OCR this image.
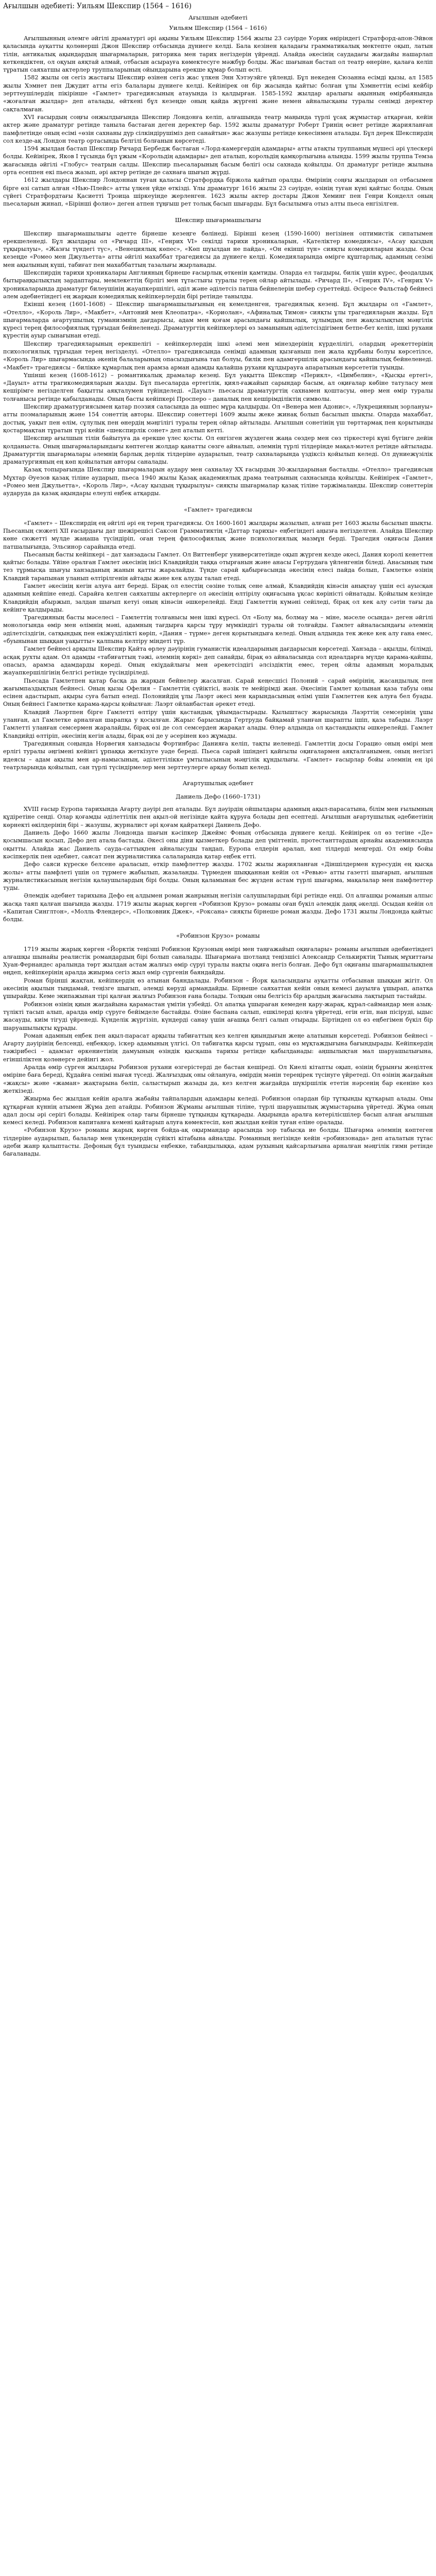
Ағылшын әдебиеті: Уильям Шекспир (1564 – 1616)
Ағылшын әдебиеті
Уильям Шекспир (1564 – 1616)

Ағылшынның әлемге әйгілі драматургі әрі ақыны Уильям Шекспир 1564 жылы 23 сәуірде Уорик өңіріндегі Стратфорд-апон-Эйвон қаласында ауқатты қолөнерші Джон Шекспир отбасында дүниеге келді. Бала кезінен қаладағы грамматикалық мектепте оқып, латын тілін, антикалық ақындардың шығармаларын, риторика мен тарих негіздерін үйренді. Алайда әкесінің саудадағы жағдайы нашарлап кеткендіктен, ол оқуын аяқтай алмай, отбасын асырауға көмектесуге мәжбүр болды. Жас шағынан бастап ол театр өнеріне, қалаға келіп тұратын саяхатшы актерлер труппаларының ойындарына ерекше құмар болып өсті.

1582 жылы он сегіз жастағы Шекспир өзінен сегіз жас үлкен Энн Хэтэуэйге үйленді. Бұл некеден Сюзанна есімді қызы, ал 1585 жылы Хэмнет пен Джудит атты егіз балалары дүниеге келді. Кейінірек он бір жасында қайтыс болған ұлы Хэмнеттің есімі кейбір зерттеушілердің пікірінше «Гамлет» трагедиясының атауында із қалдырған. 1585-1592 жылдар аралығы ақынның өмірбаянында «жоғалған жылдар» деп аталады, өйткені бұл кезеңде оның қайда жүргені және немен айналысқаны туралы сенімді деректер сақталмаған.

XVI ғасырдың соңғы онжылдығында Шекспир Лондонға келіп, алғашында театр маңында түрлі ұсақ жұмыстар атқарған, кейін актер және драматург ретінде таныла бастаған деген деректер бар. 1592 жылы драматург Роберт Гринің өсиет ретінде жарияланған памфлетінде оның есімі «өзін сахнаны дүр сілкіндірушіміз деп санайтын» жас жазушы ретінде кекесінмен аталады. Бұл дерек Шекспирдің сол кезде-ақ Лондон театр ортасында белгілі болғанын көрсетеді.

1594 жылдан бастап Шекспир Ричард Бербедж бастаған «Лорд-камергердің адамдары» атты атақты труппаның мүшесі әрі үлескері болды. Кейінірек, Яков I тұсында бұл ұжым «Корольдің адамдары» деп аталып, корольдің қамқорлығына алынды. 1599 жылы труппа Темза жағасында әйгілі «Глобус» театрын салды. Шекспир пьесаларының басым бөлігі осы сахнада қойылды. Ол драматург ретінде жылына орта есеппен екі пьеса жазып, әрі актер ретінде де сахнаға шығып жүрді.

1612 жылдары Шекспир Лондоннан туған қаласы Стратфордқа біржола қайтып оралды. Өмірінің соңғы жылдарын ол отбасымен бірге өзі сатып алған «Нью-Плейс» атты үлкен үйде өткізді. Ұлы драматург 1616 жылы 23 сәуірде, өзінің туған күні қайтыс болды. Оның сүйегі Стратфордтағы Қасиетті Троица шіркеуінде жерленген. 1623 жылы актер достары Джон Хеминг пен Генри Конделл оның пьесаларын жинап, «Бірінші фолио» деген атпен тұңғыш рет толық басып шығарды. Бұл басылымға отыз алты пьеса енгізілген.

Шекспир шығармашылығы

Шекспир шығармашылығы әдетте бірнеше кезеңге бөлінеді. Бірінші кезең (1590-1600) негізінен оптимистік сипатымен ерекшеленеді. Бұл жылдары ол «Ричард III», «Генрих VI» секілді тарихи хроникаларын, «Қателіктер комедиясы», «Асау қыздың тұқырылуы», «Жазғы түндегі түс», «Венециялық көпес», «Көп шуылдан не пайда», «Он екінші түн» сияқты комедияларын жазды. Осы кезеңде «Ромео мен Джульетта» атты әйгілі махаббат трагедиясы да дүниеге келді. Комедияларында өмірге құштарлық, адамның сезімі мен ақылының күші, табиғат пен махаббаттың тазалығы жырланады.

Шекспирдің тарихи хроникалары Англияның бірнеше ғасырлық өткенін қамтиды. Оларда ел тағдыры, билік үшін күрес, феодалдық бытыраңқылықтың зардаптары, мемлекеттің бірлігі мен тұтастығы туралы терең ойлар айтылады. «Ричард II», «Генрих IV», «Генрих V» хроникаларында драматург билеушінің жауапкершілігі, әділ және әділетсіз патша бейнелерін шебер суреттейді. Әсіресе Фальстаф бейнесі әлем әдебиетіндегі ең жарқын комедиялық кейіпкерлердің бірі ретінде танылды.

Екінші кезең (1601-1608) – Шекспир шығармашылығының ең кемелденген, трагедиялық кезеңі. Бұл жылдары ол «Гамлет», «Отелло», «Король Лир», «Макбет», «Антоний мен Клеопатра», «Кориолан», «Афиналық Тимон» сияқты ұлы трагедияларын жазды. Бұл шығармаларда ағартушылық гуманизмнің дағдарысы, адам мен қоғам арасындағы қайшылық, зұлымдық пен жақсылықтың мәңгілік күресі терең философиялық тұрғыдан бейнеленеді. Драматургтің кейіпкерлері өз заманының әділетсіздігімен бетпе-бет келіп, ішкі рухани күрестің ауыр сынағынан өтеді.

Шекспир трагедияларының ерекшелігі – кейіпкерлердің ішкі әлемі мен мінездерінің күрделілігі, олардың әрекеттерінің психологиялық тұрғыдан терең негізделуі. «Отелло» трагедиясында сенімді адамның қызғаныш пен жала құрбаны болуы көрсетілсе, «Король Лир» шығармасында әкенің балаларының опасыздығына тап болуы, билік пен адамгершілік арасындағы қайшылық бейнеленеді. «Макбет» трагедиясы – билікке құмарлық пен арамза арман адамды қалайша рухани құлдырауға апаратынын көрсететін туынды.

Үшінші кезең (1608-1612) – романтикалық драмалар кезеңі. Бұл уақытта Шекспир «Перикл», «Цимбелин», «Қысқы ертегі», «Дауыл» атты трагикомедияларын жазды. Бұл пьесаларда ертегілік, қиял-ғажайып сарындар басым, ал оқиғалар көбіне татуласу мен кешірімге негізделген бақытты аяқталумен түйінделеді. «Дауыл» пьесасы драматургтің сахнамен қоштасуы, өнер мен өмір туралы толғанысы ретінде қабылданады. Оның басты кейіпкері Просперо – даналық пен кешірімділіктің символы.

Шекспир драматургиясымен қатар поэзия саласында да өшпес мұра қалдырды. Ол «Венера мен Адонис», «Лукрецияның зорлануы» атты поэмаларының және 154 сонеттің авторы. Шекспир сонеттері 1609 жылы жеке жинақ болып басылып шықты. Оларда махаббат, достық, уақыт пен өлім, сұлулық пен өнердің мәңгілігі туралы терең ойлар айтылады. Ағылшын сонетінің үш төрттармақ пен қорытынды қостармақтан тұратын түрі кейін «шекспирлік сонет» деп аталып кетті.

Шекспир ағылшын тілін байытуға да ерекше үлес қосты. Ол енгізген жүздеген жаңа сөздер мен сөз тіркестері күні бүгінге дейін қолданыста. Оның шығармаларындағы көптеген жолдар қанатты сөзге айналып, әлемнің түрлі тілдерінде мақал-мәтел ретінде айтылады. Драматургтің шығармалары әлемнің барлық дерлік тілдеріне аударылып, театр сахналарында үздіксіз қойылып келеді. Ол дүниежүзілік драматургияның ең көп қойылатын авторы саналады.

Қазақ топырағында Шекспир шығармаларын аудару мен сахналау XX ғасырдың 30-жылдарынан басталды. «Отелло» трагедиясын Мұхтар Әуезов қазақ тіліне аударып, пьеса 1940 жылы Қазақ академиялық драма театрының сахнасында қойылды. Кейінірек «Гамлет», «Ромео мен Джульетта», «Король Лир», «Асау қыздың тұқырылуы» сияқты шығармалар қазақ тіліне тәржімаланды. Шекспир сонеттерін аударуда да қазақ ақындары елеулі еңбек атқарды.

«Гамлет» трагедиясы

«Гамлет» – Шекспирдің ең әйгілі әрі ең терең трагедиясы. Ол 1600-1601 жылдары жазылып, алғаш рет 1603 жылы басылып шықты. Пьесаның сюжеті XII ғасырдағы дат шежірешісі Саксон Грамматиктің «Даттар тарихы» еңбегіндегі аңызға негізделген. Алайда Шекспир көне сюжетті мүлде жаңаша түсіндіріп, оған терең философиялық және психологиялық мазмұн берді. Трагедия оқиғасы Дания патшалығында, Эльсинор сарайында өтеді.

Пьесаның басты кейіпкері – дат ханзадасы Гамлет. Ол Виттенберг университетінде оқып жүрген кезде әкесі, Дания королі кенеттен қайтыс болады. Үйіне оралған Гамлет әкесінің інісі Клавдийдің таққа отырғанын және анасы Гертрудаға үйленгенін біледі. Анасының тым тез тұрмысқа шығуы ханзаданың жанын қатты жаралайды. Түнде сарай қабырғасында әкесінің елесі пайда болып, Гамлетке өзінің Клавдий тарапынан уланып өлтірілгенін айтады және кек алуды талап етеді.

Гамлет әкесінің кегін алуға ант береді. Бірақ ол елестің сөзіне толық сене алмай, Клавдийдің кінәсін анықтау үшін есі ауысқан адамның кейпіне енеді. Сарайға келген саяхатшы актерлерге ол әкесінің өлтірілу оқиғасына ұқсас көріністі ойнатады. Қойылым кезінде Клавдийдің абыржып, залдан шығып кетуі оның кінәсін әшкерелейді. Енді Гамлеттің күмәні сейіледі, бірақ ол кек алу сәтін тағы да кейінге қалдырады.

Трагедияның басты мәселесі – Гамлеттің толғанысы мен ішкі күресі. Ол «Болу ма, болмау ма – міне, мәселе осында» деген әйгілі монологында өмір мен өлімнің мәні, адамның тағдырға қарсы тұру мүмкіндігі туралы ой толғайды. Гамлет айналасындағы әлемнің әділетсіздігін, сатқындық пен екіжүзділікті көріп, «Дания – түрме» деген қорытындыға келеді. Оның алдында тек жеке кек алу ғана емес, «буынынан шыққан уақытты» қалпына келтіру міндеті тұр.

Гамлет бейнесі арқылы Шекспир Қайта өрлеу дәуірінің гуманистік идеалдарының дағдарысын көрсетеді. Ханзада – ақылды, білімді, асқақ рухты адам. Ол адамды «табиғаттың тәжі, әлемнің көркі» деп санайды, бірақ өз айналасында сол идеалдарға мүлде қарама-қайшы, опасыз, арамза адамдарды көреді. Оның екіұдайлығы мен әрекетсіздігі әлсіздіктің емес, терең ойлы адамның моральдық жауапкершілігінің белгісі ретінде түсіндіріледі.

Пьесада Гамлетпен қатар басқа да жарқын бейнелер жасалған. Сарай кеңесшісі Полоний – сарай өмірінің, жасандылық пен жағымпаздықтың бейнесі. Оның қызы Офелия – Гамлеттің сүйіктісі, нәзік те мейірімді жан. Әкесінің Гамлет қолынан қаза табуы оны есінен адастырып, ақыры суға батып өледі. Полонийдің ұлы Лаэрт әкесі мен қарындасының өлімі үшін Гамлеттен кек алуға бел буады. Оның бейнесі Гамлетке қарама-қарсы қойылған: Лаэрт ойланбастан әрекет етеді.

Клавдий Лаэртпен бірге Гамлетті өлтіру үшін қастандық ұйымдастырады. Қылыштасу жарысында Лаэрттің семсерінің ұшы уланған, ал Гамлетке арналған шарапқа у қосылған. Жарыс барысында Гертруда байқамай уланған шарапты ішіп, қаза табады. Лаэрт Гамлетті уланған семсермен жаралайды, бірақ өзі де сол семсерден жарақат алады. Өлер алдында ол қастандықты әшкерелейді. Гамлет Клавдийді өлтіріп, әкесінің кегін алады, бірақ өзі де у әсерінен көз жұмады.

Трагедияның соңында Норвегия ханзадасы Фортинбрас Данияға келіп, тақты иеленеді. Гамлеттің досы Горацио оның өмірі мен ерлігі туралы әңгімені кейінгі ұрпаққа жеткізуге уәде береді. Пьеса сарай ішіндегі қайғылы оқиғалармен аяқталғанымен, оның негізгі идеясы – адам ақылы мен ар-намысының, әділеттілікке ұмтылысының мәңгілік құндылығы. «Гамлет» ғасырлар бойы әлемнің ең ірі театрларында қойылып, сан түрлі түсіндірмелер мен зерттеулерге арқау болып келеді.

Ағартушылық әдебиет
Даниель Дефо (1660–1731)

XVIII ғасыр Еуропа тарихында Ағарту дәуірі деп аталады. Бұл дәуірдің ойшылдары адамның ақыл-парасатына, білім мен ғылымның құдіретіне сенді. Олар қоғамды әділеттілік пен ақыл-ой негізінде қайта құруға болады деп есептеді. Ағылшын ағартушылық әдебиетінің көрнекті өкілдерінің бірі – жазушы, журналист әрі қоғам қайраткері Даниель Дефо.

Даниель Дефо 1660 жылы Лондонда шағын кәсіпкер Джеймс Фоның отбасында дүниеге келді. Кейінірек ол өз тегіне «Де» қосымшасын қосып, Дефо деп атала бастады. Әкесі оны діни қызметкер болады деп үміттеніп, протестанттардың арнайы академиясында оқытты. Алайда жас Даниель сауда-саттықпен айналысуды таңдап, Еуропа елдерін аралап, көп тілдерді меңгерді. Ол өмір бойы кәсіпкерлік пен әдебиет, саясат пен журналистика салаларында қатар еңбек етті.

Дефо саяси күреске белсене араласып, өткір памфлеттер жазды. 1702 жылы жарияланған «Діншілдермен күресудің ең қысқа жолы» атты памфлеті үшін ол түрмеге жабылып, жазаланды. Түрмеден шыққаннан кейін ол «Ревью» атты газетті шығарып, ағылшын журналистикасының негізін қалаушылардың бірі болды. Оның қаламынан бес жүзден астам түрлі шығарма, мақалалар мен памфлеттер туды.

Әлемдік әдебиет тарихына Дефо ең алдымен роман жанрының негізін салушылардың бірі ретінде енді. Ол алғашқы романын алпыс жасқа таяп қалған шағында жазды. 1719 жылы жарық көрген «Робинзон Крузо» романы оған бүкіл әлемдік даңқ әкелді. Осыдан кейін ол «Капитан Синглтон», «Молль Флендерс», «Полковник Джек», «Роксана» сияқты бірнеше роман жазды. Дефо 1731 жылы Лондонда қайтыс болды.

«Робинзон Крузо» романы

1719 жылы жарық көрген «Йорктік теңізші Робинзон Крузоның өмірі мен таңғажайып оқиғалары» романы ағылшын әдебиетіндегі алғашқы шынайы реалистік романдардың бірі болып саналады. Шығармаға шотланд теңізшісі Александр Селькирктің Тынық мұхиттағы Хуан-Фернандес аралында төрт жылдан астам жалғыз өмір сүруі туралы нақты оқиға негіз болған. Дефо бұл оқиғаны шығармашылықпен өңдеп, кейіпкерінің аралда жиырма сегіз жыл өмір сүргенін баяндайды.

Роман бірінші жақтан, кейіпкердің өз атынан баяндалады. Робинзон – Йорк қаласындағы ауқатты отбасынан шыққан жігіт. Ол әкесінің ақылын тыңдамай, теңізге шығып, әлемді көруді армандайды. Бірнеше саяхаттан кейін оның кемесі дауылға ұшырап, апатқа ұшырайды. Кеме экипажынан тірі қалған жалғыз Робинзон ғана болады. Толқын оны белгісіз бір аралдың жағасына лақтырып тастайды.

Робинзон өзінің қиын жағдайына қарамастан үмітін үзбейді. Ол апатқа ұшыраған кемеден қару-жарақ, құрал-саймандар мен азық-түлікті тасып алып, аралда өмір сүруге бейімделе бастайды. Өзіне баспана салып, ешкілерді қолға үйретеді, егін егіп, нан пісіруді, ыдыс жасауды, киім тігуді үйренеді. Күнделік жүргізіп, күндерді санау үшін ағашқа белгі салып отырады. Біртіндеп ол өз еңбегімен бүкіл бір шаруашылықты құрады.

Роман адамның еңбек пен ақыл-парасат арқылы табиғаттың кез келген қиындығын жеңе алатынын көрсетеді. Робинзон бейнесі – Ағарту дәуірінің белсенді, еңбекқор, іскер адамының үлгісі. Ол табиғатқа қарсы тұрып, оны өз мұқтаждығына бағындырады. Кейіпкердің тәжірибесі – адамзат өркениетінің дамуының өзіндік қысқаша тарихы ретінде қабылданады: аңшылықтан мал шаруашылығына, егіншіліктен қолөнерге дейінгі жол.

Аралда өмір сүрген жылдары Робинзон рухани өзгерістерді де бастан кешіреді. Ол Киелі кітапты оқып, өзінің бұрынғы жеңілтек өміріне баға береді, Құдайға сенімі нығая түседі. Жалғыздық оны ойлануға, өмірдің мәнін тереңірек түсінуге үйретеді. Ол өзінің жағдайын «жақсы» және «жаман» жақтарына бөліп, салыстырып жазады да, кез келген жағдайда шүкіршілік ететін нәрсенің бар екеніне көз жеткізеді.

Жиырма бес жылдан кейін аралға жабайы тайпалардың адамдары келеді. Робинзон олардан бір тұтқынды құтқарып алады. Оны құтқарған күннің атымен Жұма деп атайды. Робинзон Жұманы ағылшын тіліне, түрлі шаруашылық жұмыстарына үйретеді. Жұма оның адал досы әрі серігі болады. Кейінірек олар тағы бірнеше тұтқынды құтқарады. Ақырында аралға көтерілісшілер басып алған ағылшын кемесі келеді. Робинзон капитанға кемені қайтарып алуға көмектесіп, көп жылдан кейін туған еліне оралады.

«Робинзон Крузо» романы жарық көрген бойда-ақ оқырмандар арасында зор табысқа ие болды. Шығарма әлемнің көптеген тілдеріне аударылып, балалар мен үлкендердің сүйікті кітабына айналды. Романның негізінде кейін «робинзонада» деп аталатын тұтас әдеби жанр қалыптасты. Дефоның бұл туындысы еңбекке, табандылыққа, адам рухының қайсарлығына арналған мәңгілік гимн ретінде бағаланады.
